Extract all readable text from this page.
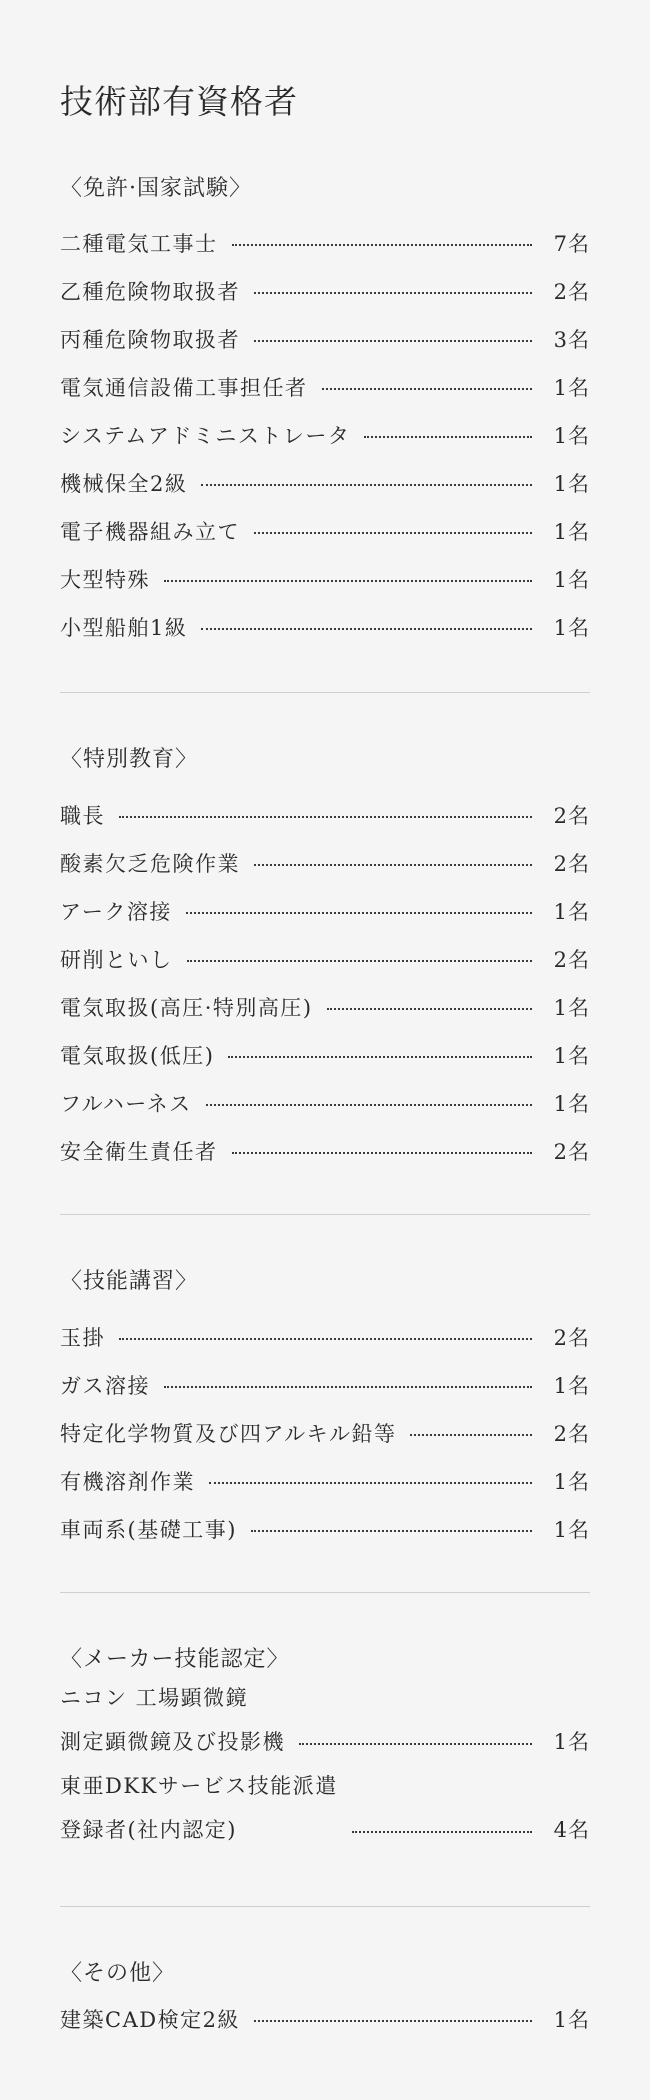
技術部有資格者
〈免許·国家試験〉
二種電気工事士	7名
乙種危険物取扱者	2名
丙種危険物取扱者	3名
電気通信設備工事担任者	1名
システムアドミニストレータ	1名
機械保全2級	1名
電子機器組み立て	1名
大型特殊	1名
小型船舶1級	1名
〈特別教育〉
職長	2名
酸素欠乏危険作業	2名
アーク溶接	1名
研削といし	2名
電気取扱(高圧·特別高圧)	1名
電気取扱(低圧)	1名
フルハーネス	1名
安全衛生責任者	2名
〈技能講習〉
玉掛	2名
ガス溶接	1名
特定化学物質及び四アルキル鉛等	2名
有機溶剤作業	1名
車両系(基礎工事)	1名
〈メーカー技能認定〉
ニコン 工場顕微鏡
測定顕微鏡及び投影機	1名
東亜DKKサービス技能派遣
登録者(社内認定)	4名
〈その他〉
建築CAD検定2級	1名
